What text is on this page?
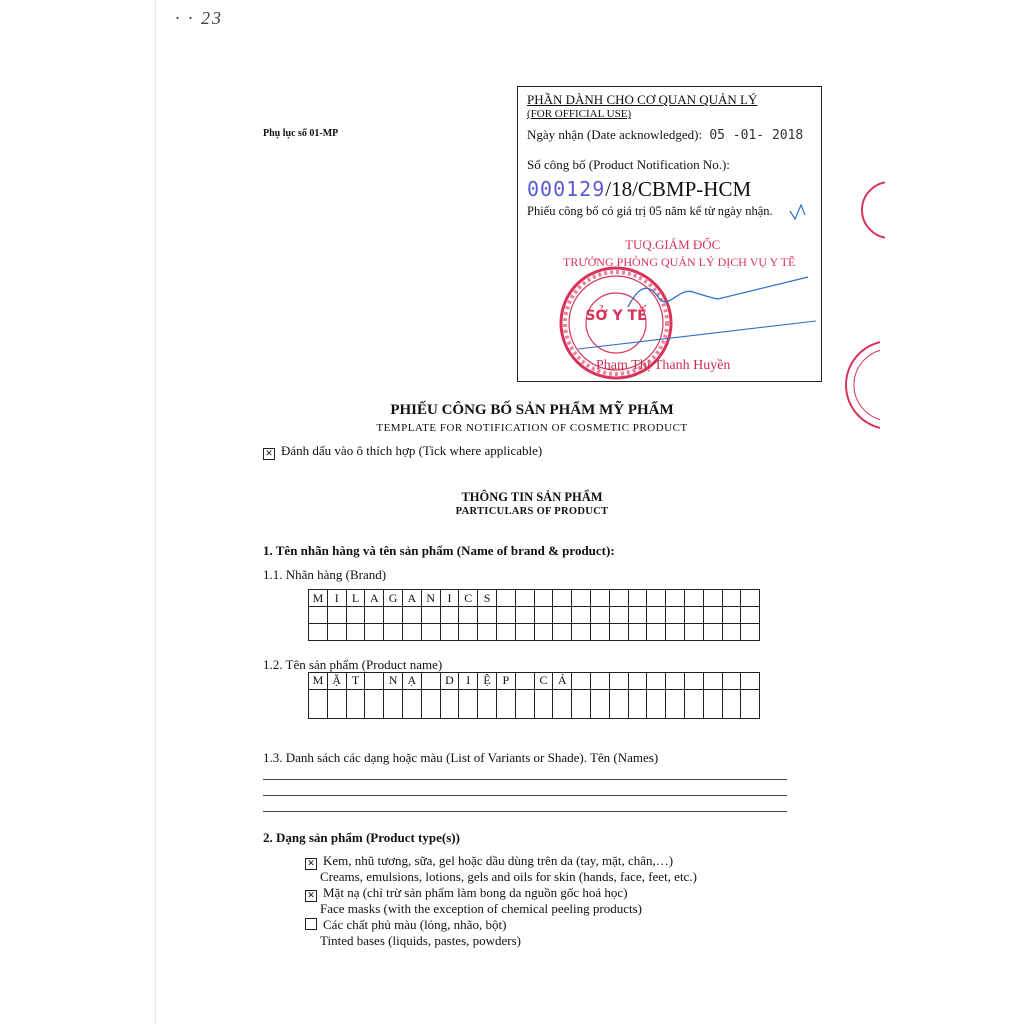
· · 23
Phụ lục số 01-MP
PHẦN DÀNH CHO CƠ QUAN QUẢN LÝ
(FOR OFFICIAL USE)
Ngày nhận (Date acknowledged): 05 -01- 2018
Số công bố (Product Notification No.):
000129/18/CBMP-HCM
Phiếu công bố có giá trị 05 năm kể từ ngày nhận.
SỞ Y TẾ
TUQ.GIÁM ĐỐC
TRƯỞNG PHÒNG QUẢN LÝ DỊCH VỤ Y TẾ
Phạm Thị Thanh Huyền
PHIẾU CÔNG BỐ SẢN PHẨM MỸ PHẨM
TEMPLATE FOR NOTIFICATION OF COSMETIC PRODUCT
✕ Đánh dấu vào ô thích hợp (Tick where applicable)
THÔNG TIN SẢN PHẨM
PARTICULARS OF PRODUCT
1. Tên nhãn hàng và tên sản phẩm (Name of brand & product):
1.1. Nhãn hàng (Brand)
M	I	L	A	G	A	N	I	C	S														

1.2. Tên sản phẩm (Product name)
M	Ặ	T		N	Ạ		D	I	Ệ	P		C	Á										

1.3. Danh sách các dạng hoặc màu (List of Variants or Shade). Tên (Names)
2. Dạng sản phẩm (Product type(s))
✕ Kem, nhũ tương, sữa, gel hoặc dầu dùng trên da (tay, mặt, chân,…)
Creams, emulsions, lotions, gels and oils for skin (hands, face, feet, etc.)
✕ Mặt nạ (chỉ trừ sản phẩm làm bong da nguồn gốc hoá học)
Face masks (with the exception of chemical peeling products)
Các chất phủ màu (lỏng, nhão, bột)
Tinted bases (liquids, pastes, powders)
